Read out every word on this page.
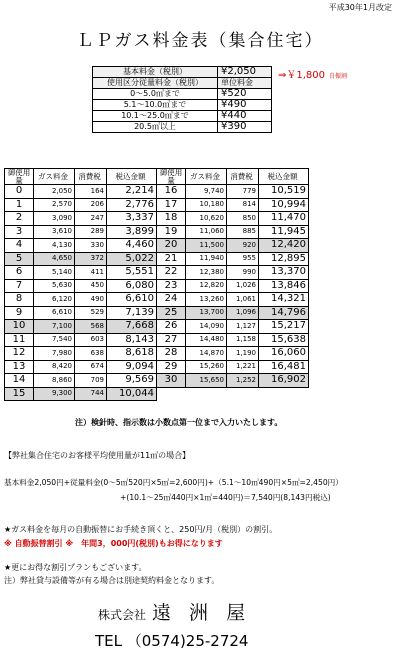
平成30年1月改定
ＬＰガス料金表（集合住宅）
基本料金（税別）	¥2,050
使用区分従量料金（税別）	単位料金
0～5.0㎥まで	¥520
5.1～10.0㎥まで	¥490
10.1～25.0㎥まで	¥440
20.5㎥以上	¥390
⇒￥1,800 自振割
御使用量	ガス料金	消費税	税込金額	御使用量	ガス料金	消費税	税込金額
0	2,050	164	2,214	16	9,740	779	10,519
1	2,570	206	2,776	17	10,180	814	10,994
2	3,090	247	3,337	18	10,620	850	11,470
3	3,610	289	3,899	19	11,060	885	11,945
4	4,130	330	4,460	20	11,500	920	12,420
5	4,650	372	5,022	21	11,940	955	12,895
6	5,140	411	5,551	22	12,380	990	13,370
7	5,630	450	6,080	23	12,820	1,026	13,846
8	6,120	490	6,610	24	13,260	1,061	14,321
9	6,610	529	7,139	25	13,700	1,096	14,796
10	7,100	568	7,668	26	14,090	1,127	15,217
11	7,540	603	8,143	27	14,480	1,158	15,638
12	7,980	638	8,618	28	14,870	1,190	16,060
13	8,420	674	9,094	29	15,260	1,221	16,481
14	8,860	709	9,569	30	15,650	1,252	16,902
15	9,300	744	10,044				
注）検針時、指示数は小数点第一位まで入力いたします。
【弊社集合住宅のお客様平均使用量が11㎥の場合】
基本料金2,050円+従量料金(0～5㎥520円×5㎥=2,600円)+（5.1～10㎥490円×5㎥=2,450円）
+(10.1～25㎥440円×1㎥=440円)＝7,540円(8,143円税込)
★ガス料金を毎月の自動振替にお手続き頂くと、250円/月（税別）の割引。
※ 自動振替割引 ※　年間3，000円(税別)もお得になります
★更にお得な割引プランもございます。
注）弊社貸与設備等が有る場合は別途契約料金となります。
株式会社 遠 洲 屋
TEL （0574)25-2724
